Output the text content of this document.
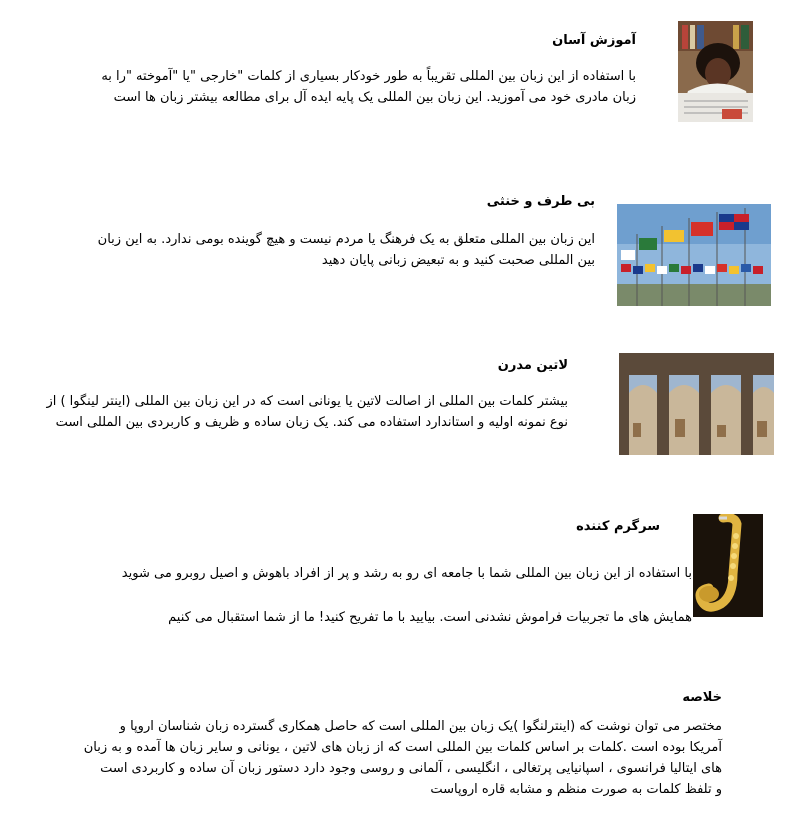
آموزش آسان
با استفاده از این زبان بین المللی تقریباً به طور خودکار بسیاری از کلمات "خارجی "یا "آموخته "را به
زبان مادری خود می آموزید. این زبان بین المللی یک پایه ایده آل برای مطالعه بیشتر زبان ها است
بی طرف و خنثی
این زبان بین المللی متعلق به یک فرهنگ یا مردم نیست و هیچ گوینده بومی ندارد. به این زبان
بین المللی صحبت کنید و به تبعیض زبانی پایان دهید
لاتین مدرن
بیشتر کلمات بین المللی از اصالت لاتین یا یونانی است که در این زبان بین المللی (اینتر لینگوا ) از
نوع نمونه اولیه و استاندارد استفاده می کند. یک زبان ساده و ظریف و کاربردی بین المللی است
سرگرم کننده
با استفاده از این زبان بین المللی شما با جامعه ای رو به رشد و پر از افراد باهوش و اصیل روبرو می شوید
همایش های ما تجربیات فراموش نشدنی است. بیایید با ما تفریح کنید! ما از شما استقبال می کنیم
خلاصه
مختصر می توان نوشت که (اینترلنگوا )یک زبان بین المللی است که حاصل همکاری گسترده زبان شناسان اروپا و
آمریکا بوده است .کلمات بر اساس کلمات بین المللی است که از زبان های لاتین ، یونانی و سایر زبان ها آمده و به زبان
های ایتالیا فرانسوی ، اسپانیایی پرتغالی ، انگلیسی ، آلمانی و روسی وجود دارد دستور زبان آن ساده و کاربردی است
و تلفظ کلمات به صورت منظم و مشابه قاره اروپاست
